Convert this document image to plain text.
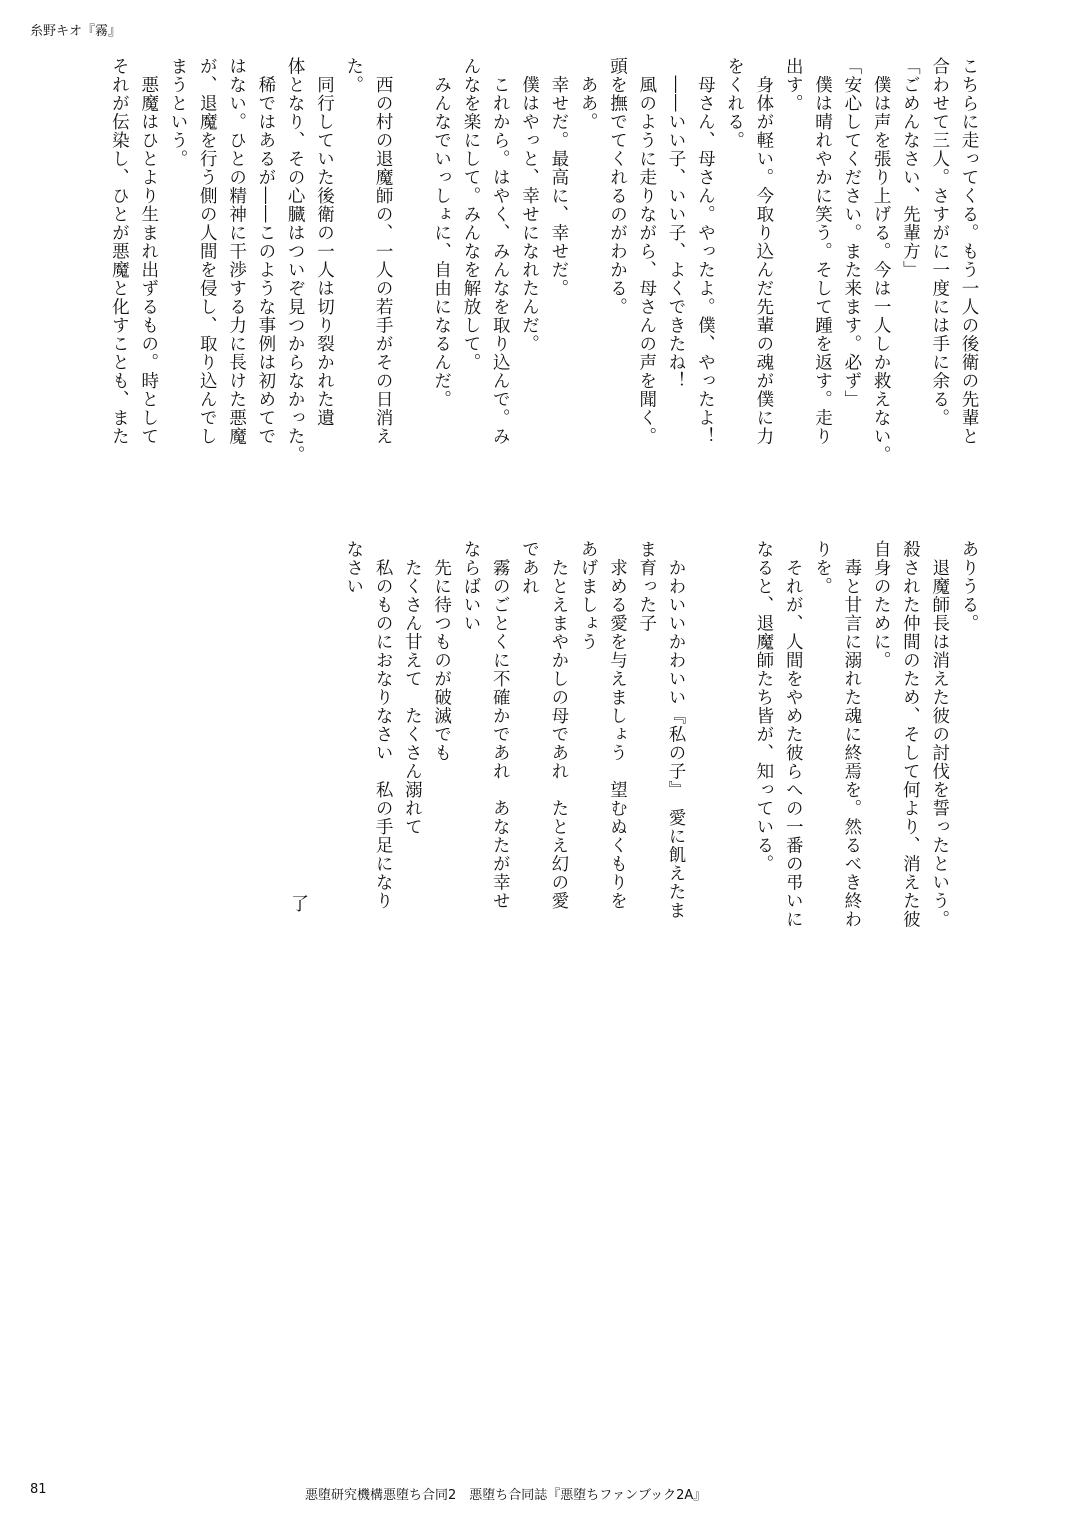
糸野キオ『霧』

こちらに走ってくる。もう一人の後衛の先輩と

合わせて三人。さすがに一度には手に余る。

「ごめんなさい、先輩方」

　僕は声を張り上げる。今は一人しか救えない。

「安心してください。また来ます。必ず」

　僕は晴れやかに笑う。そして踵を返す。走り

出す。

　身体が軽い。今取り込んだ先輩の魂が僕に力

をくれる。

　母さん、母さん。やったよ。僕、やったよ！

　――いい子、いい子、よくできたね！

　風のように走りながら、母さんの声を聞く。

頭を撫でてくれるのがわかる。

　ああ。

　幸せだ。最高に、幸せだ。

　僕はやっと、幸せになれたんだ。

　これから。はやく、みんなを取り込んで。み

んなを楽にして。みんなを解放して。

　みんなでいっしょに、自由になるんだ。

　西の村の退魔師の、一人の若手がその日消え

た。

　同行していた後衛の一人は切り裂かれた遺

体となり、その心臓はついぞ見つからなかった。

　稀ではあるが――このような事例は初めてで

はない。ひとの精神に干渉する力に長けた悪魔

が、退魔を行う側の人間を侵し、取り込んでし

まうという。

　悪魔はひとより生まれ出ずるもの。時として

それが伝染し、ひとが悪魔と化すことも、また

ありうる。

　退魔師長は消えた彼の討伐を誓ったという。

殺された仲間のため、そして何より、消えた彼

自身のために。

　毒と甘言に溺れた魂に終焉を。然るべき終わ

りを。

　それが、人間をやめた彼らへの一番の弔いに

なると、退魔師たち皆が、知っている。

　かわいいかわいい『私の子』　愛に飢えたま

ま育った子

　求める愛を与えましょう　望むぬくもりを

あげましょう

　たとえまやかしの母であれ　たとえ幻の愛

であれ

　霧のごとくに不確かであれ　あなたが幸せ

ならばいい

　先に待つものが破滅でも

　たくさん甘えて　たくさん溺れて

　私のものにおなりなさい　私の手足になり

なさい

了
81	悪堕研究機構悪堕ち合同2　悪堕ち合同誌『悪堕ちファンブック2A』
